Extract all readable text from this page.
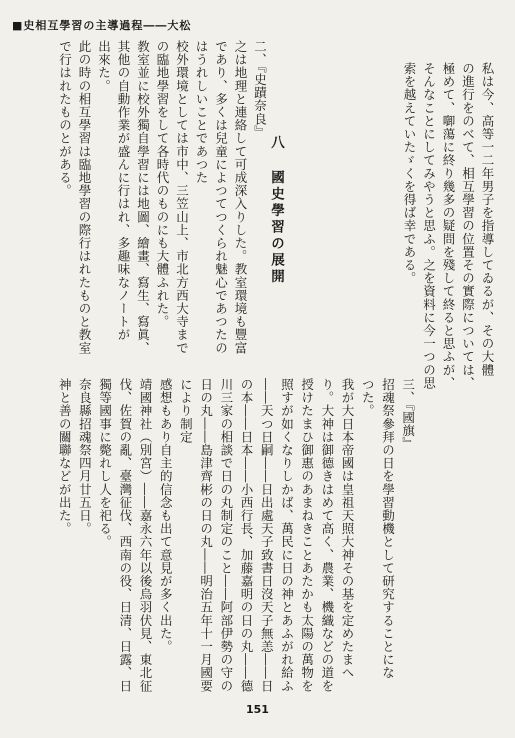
■史相互學習の主導過程――大松
私は今、高等一二年男子を指導してゐるが、その大體
の進行をのべて、相互學習の位置その實際については、
極めて、啣蕩に終り幾多の疑問を殘して終ると思ふが、
そんなことにしてみやうと思ふ。之を資料に今一つの思
索を越えていたゞくを得ば幸である。
八國史學習の展開
二、『史蹟奈良』
之は地理と連絡して可成深入りした。教室環境も豐富
であり、多くは兒童によつてつくられ魅心であつたの
はうれしいことであつた
校外環境としては市中、三笠山上、市北方西大寺まで
の臨地學習をして各時代のものにも大體ふれた。
教室並に校外獨自學習には地圖、繪畫、寫生、寫眞、
其他の自動作業が盛んに行はれ、多趣味なノートが
出來た。
此の時の相互學習は臨地學習の際行はれたものと教室
で行はれたものとがある。
三、『國旗』
招魂祭參拜の日を學習動機として研究することにな
つた。
我が大日本帝國は皇祖天照大神その基を定めたまへ
り。大神は御德きはめて高く、農業、機織などの道を
授けたまひ御惠のあまねきことあたかも太陽の萬物を
照すが如くなりしかば、萬民に日の神とあふがれ給ふ
――天つ日嗣――日出處天子致書日沒天子無恙――日
の本――日本――小西行長、加藤嘉明の日の丸――德
川三家の相談で日の丸制定のこと――阿部伊勢の守の
日の丸――島津齊彬の日の丸――明治五年十一月國要
により制定
感想もあり自主的信念も出て意見が多く出た。
靖國神社（別宮）――嘉永六年以後烏羽伏見、東北征
伐、佐賀の亂、臺灣征伐、西南の役、日清、日露、日
獨等國事に斃れし人を祀る。
奈良縣招魂祭四月廿五日。
神と善の關聯などが出た。
151
